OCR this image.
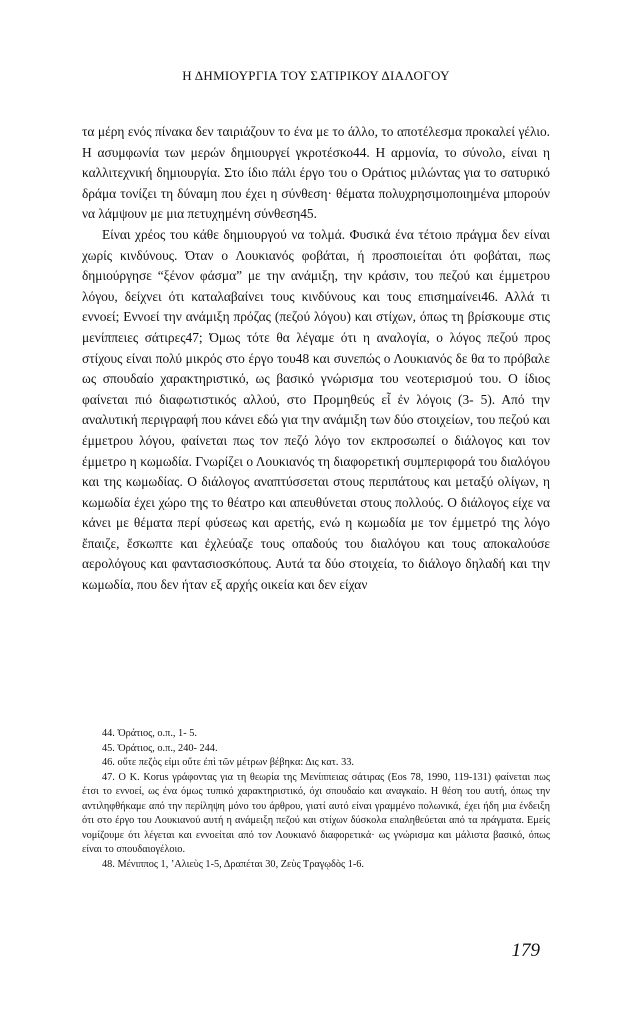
Η ΔΗΜΙΟΥΡΓΙΑ ΤΟΥ ΣΑΤΙΡΙΚΟΥ ΔΙΑΛΟΓΟΥ

τα μέρη ενός πίνακα δεν ταιριάζουν το ένα με το άλλο, το αποτέλεσμα προκαλεί γέλιο. Η ασυμφωνία των μερών δημιουργεί γκροτέσκο44. Η αρμονία, το σύνολο, είναι η καλλιτεχνική δημιουργία. Στο ίδιο πάλι έργο του ο Οράτιος μιλώντας για το σατυρικό δράμα τονίζει τη δύναμη που έχει η σύνθεση· θέματα πολυχρησιμοποιημένα μπορούν να λάμψουν με μια πετυχημένη σύνθεση45.

Είναι χρέος του κάθε δημιουργού να τολμά. Φυσικά ένα τέτοιο πράγμα δεν είναι χωρίς κινδύνους. Όταν ο Λουκιανός φοβάται, ή προσποιείται ότι φοβάται, πως δημιούργησε “ξένον φάσμα” με την ανάμιξη, την κράσιν, του πεζού και έμμετρου λόγου, δείχνει ότι καταλαβαίνει τους κινδύνους και τους επισημαίνει46. Αλλά τι εννοεί; Εννοεί την ανάμιξη πρόζας (πεζού λόγου) και στίχων, όπως τη βρίσκουμε στις μενίππειες σάτιρες47; Όμως τότε θα λέγαμε ότι η αναλογία, ο λόγος πεζού προς στίχους είναι πολύ μικρός στο έργο του48 και συνεπώς ο Λουκιανός δε θα το πρόβαλε ως σπουδαίο χαρακτηριστικό, ως βασικό γνώρισμα του νεοτερισμού του. Ο ίδιος φαίνεται πιό διαφωτιστικός αλλού, στο Προμηθεύς εἶ ἐν λόγοις (3- 5). Από την αναλυτική περιγραφή που κάνει εδώ για την ανάμιξη των δύο στοιχείων, του πεζού και έμμετρου λόγου, φαίνεται πως τον πεζό λόγο τον εκπροσωπεί ο διάλογος και τον έμμετρο η κωμωδία. Γνωρίζει ο Λουκιανός τη διαφορετική συμπεριφορά του διαλόγου και της κωμωδίας. Ο διάλογος αναπτύσσεται στους περιπάτους και μεταξύ ολίγων, η κωμωδία έχει χώρο της το θέατρο και απευθύνεται στους πολλούς. Ο διάλογος είχε να κάνει με θέματα περί φύσεως και αρετής, ενώ η κωμωδία με τον έμμετρό της λόγο ἔπαιζε, ἔσκωπτε και ἐχλεύαζε τους οπαδούς του διαλόγου και τους αποκαλούσε αερολόγους και φαντασιοσκόπους. Αυτά τα δύο στοιχεία, το διάλογο δηλαδή και την κωμωδία, που δεν ήταν εξ αρχής οικεία και δεν είχαν

44. Ὀράτιος, ο.π., 1- 5.

45. Ὀράτιος, ο.π., 240- 244.

46. οὔτε πεζὸς εἰμι οὔτε ἐπὶ τῶν μέτρων βέβηκα: Δις κατ. 33.

47. Ο Κ. Korus γράφοντας για τη θεωρία της Μενίππειας σάτιρας (Eos 78, 1990, 119-131) φαίνεται πως έτσι το εννοεί, ως ένα όμως τυπικό χαρακτηριστικό, όχι σπουδαίο και αναγκαίο. Η θέση του αυτή, όπως την αντιληφθήκαμε από την περίληψη μόνο του άρθρου, γιατί αυτό είναι γραμμένο πολωνικά, έχει ήδη μια ένδειξη ότι στο έργο του Λουκιανού αυτή η ανάμειξη πεζού και στίχων δύσκολα επαληθεύεται από τα πράγματα. Εμείς νομίζουμε ότι λέγεται και εννοείται από τον Λουκιανό διαφορετικά· ως γνώρισμα και μάλιστα βασικό, όπως είναι το σπουδαιογέλοιο.

48. Μένιππος 1, ’Αλιεὺς 1-5, Δραπέται 30, Ζεὺς Τραγῳδὸς 1-6.

179
